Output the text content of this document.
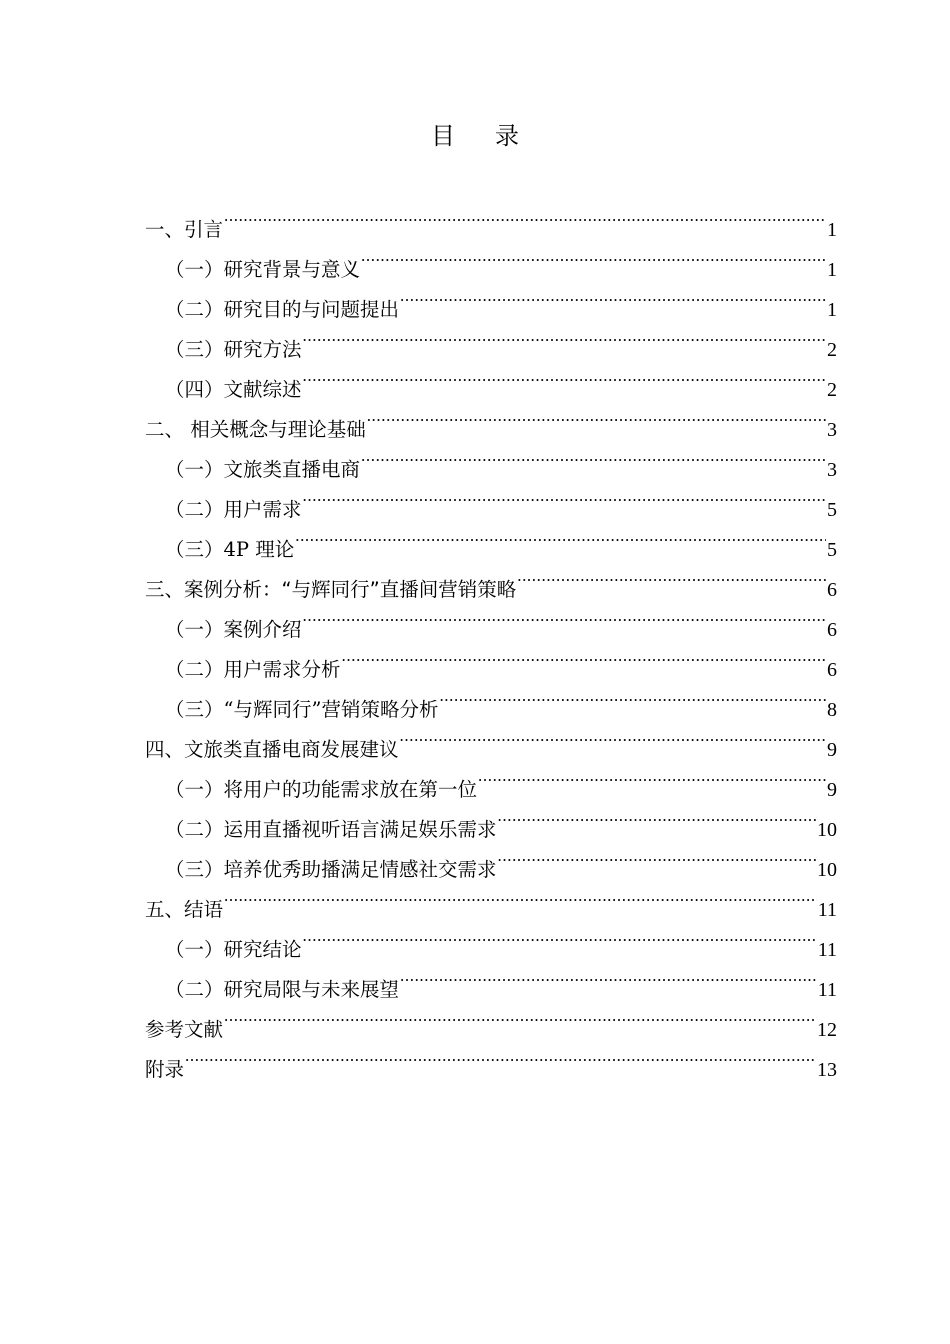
目录
一、引言 .....	1
（一）研究背景与意义 .....	1
（二）研究目的与问题提出 .....	1
（三）研究方法 .....	2
（四）文献综述 .....	2
二、 相关概念与理论基础 .....	3
（一）文旅类直播电商 .....	3
（二）用户需求 .....	5
（三）4P 理论 .....	5
三、案例分析：“与辉同行”直播间营销策略 .....	6
（一）案例介绍 .....	6
（二）用户需求分析 .....	6
（三）“与辉同行”营销策略分析 .....	8
四、文旅类直播电商发展建议 .....	9
（一）将用户的功能需求放在第一位 .....	9
（二）运用直播视听语言满足娱乐需求 .....	10
（三）培养优秀助播满足情感社交需求 .....	10
五、结语 .....	11
（一）研究结论 .....	11
（二）研究局限与未来展望 .....	11
参考文献 .....	12
附录 .....	13
